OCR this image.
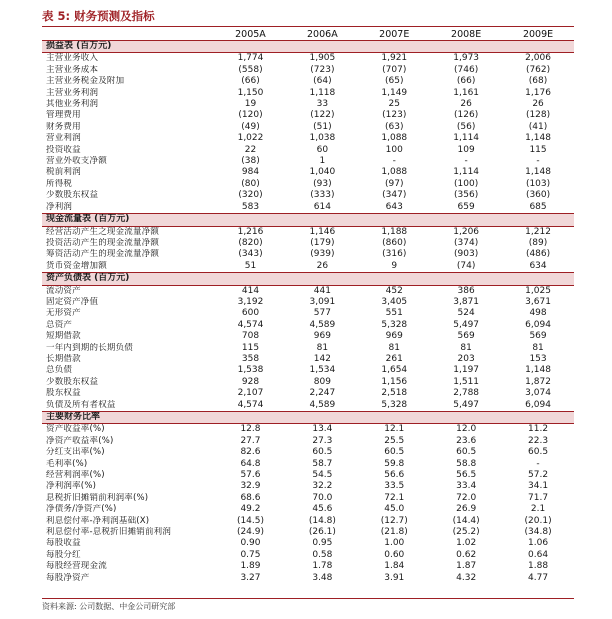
表 5: 财务预测及指标
	2005A	2006A	2007E	2008E	2009E
损益表 (百万元)					
主营业务收入	1,774	1,905	1,921	1,973	2,006
主营业务成本	(558)	(723)	(707)	(746)	(762)
主营业务税金及附加	(66)	(64)	(65)	(66)	(68)
主营业务利润	1,150	1,118	1,149	1,161	1,176
其他业务利润	19	33	25	26	26
管理费用	(120)	(122)	(123)	(126)	(128)
财务费用	(49)	(51)	(63)	(56)	(41)
营业利润	1,022	1,038	1,088	1,114	1,148
投资收益	22	60	100	109	115
营业外收支净额	(38)	1	-	-	-
税前利润	984	1,040	1,088	1,114	1,148
所得税	(80)	(93)	(97)	(100)	(103)
少数股东权益	(320)	(333)	(347)	(356)	(360)
净利润	583	614	643	659	685
现金流量表 (百万元)					
经营活动产生之现金流量净额	1,216	1,146	1,188	1,206	1,212
投资活动产生的现金流量净额	(820)	(179)	(860)	(374)	(89)
筹资活动产生的现金流量净额	(343)	(939)	(316)	(903)	(486)
货币资金增加额	51	26	9	(74)	634
资产负债表 (百万元)					
流动资产	414	441	452	386	1,025
固定资产净值	3,192	3,091	3,405	3,871	3,671
无形资产	600	577	551	524	498
总资产	4,574	4,589	5,328	5,497	6,094
短期借款	708	969	969	569	569
一年内到期的长期负债	115	81	81	81	81
长期借款	358	142	261	203	153
总负债	1,538	1,534	1,654	1,197	1,148
少数股东权益	928	809	1,156	1,511	1,872
股东权益	2,107	2,247	2,518	2,788	3,074
负债及所有者权益	4,574	4,589	5,328	5,497	6,094
主要财务比率					
资产收益率(%)	12.8	13.4	12.1	12.0	11.2
净资产收益率(%)	27.7	27.3	25.5	23.6	22.3
分红支出率(%)	82.6	60.5	60.5	60.5	60.5
毛利率(%)	64.8	58.7	59.8	58.8	-
经营利润率(%)	57.6	54.5	56.6	56.5	57.2
净利润率(%)	32.9	32.2	33.5	33.4	34.1
息税折旧摊销前利润率(%)	68.6	70.0	72.1	72.0	71.7
净债务/净资产(%)	49.2	45.6	45.0	26.9	2.1
利息偿付率-净利润基础(X)	(14.5)	(14.8)	(12.7)	(14.4)	(20.1)
利息偿付率-息税折旧摊销前利润	(24.9)	(26.1)	(21.8)	(25.2)	(34.8)
每股收益	0.90	0.95	1.00	1.02	1.06
每股分红	0.75	0.58	0.60	0.62	0.64
每股经营现金流	1.89	1.78	1.84	1.87	1.88
每股净资产	3.27	3.48	3.91	4.32	4.77
资料来源: 公司数据、中金公司研究部
